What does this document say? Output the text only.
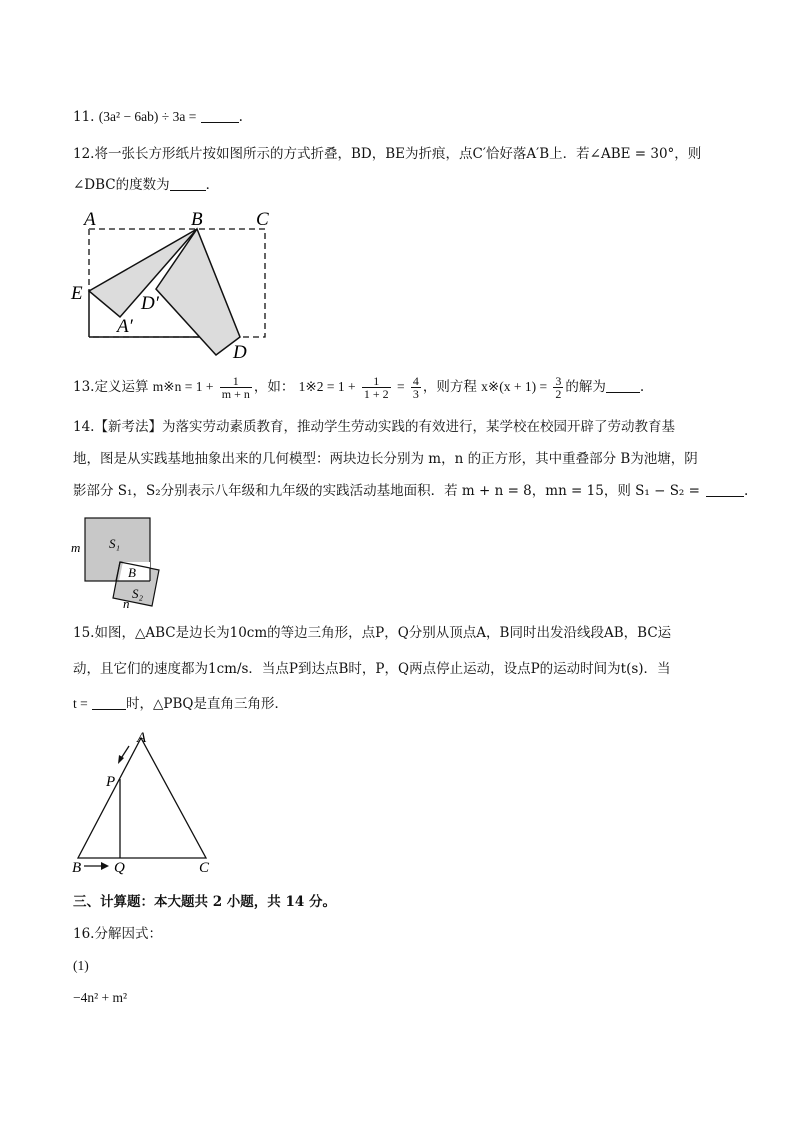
11. (3a² − 6ab) ÷ 3a =	.
12.将一张长方形纸片按如图所示的方式折叠，BD，BE为折痕，点C′恰好落A′B上．若∠ABE = 30°，则
∠DBC的度数为	．
A	B	C
E	D′
A′
D
13.定义运算 m※n = $1 + \frac{1}{m + n}$ ，如： 1※2 = $1 + \frac{1}{1 + 2} = \frac{4}{3}$ ，则方程 x※(x + $1) = \frac{3}{2}$ 的解为	.
14.【新考法】为落实劳动素质教育，推动学生劳动实践的有效进行，某学校在校园开辟了劳动教育基
地，图是从实践基地抽象出来的几何模型：两块边长分别为 m，n 的正方形，其中重叠部分 B为池塘，阴
影部分 S₁，S₂分别表示八年级和九年级的实践活动基地面积．若 m + n = 8，mn = 15，则 S₁ − S₂ =	.
m S₁
B
S₂
n
15.如图，△ABC是边长为10cm的等边三角形，点P，Q分别从顶点A，B同时出发沿线段AB，BC运
动，且它们的速度都为1cm/s．当点P到达点B时，P，Q两点停止运动，设点P的运动时间为t(s)．当
t =	时，△PBQ是直角三角形．
A
P
B Q	C
三、计算题：本大题共 2 小题，共 14 分。
16.分解因式：
(1)
−4n² + m²
